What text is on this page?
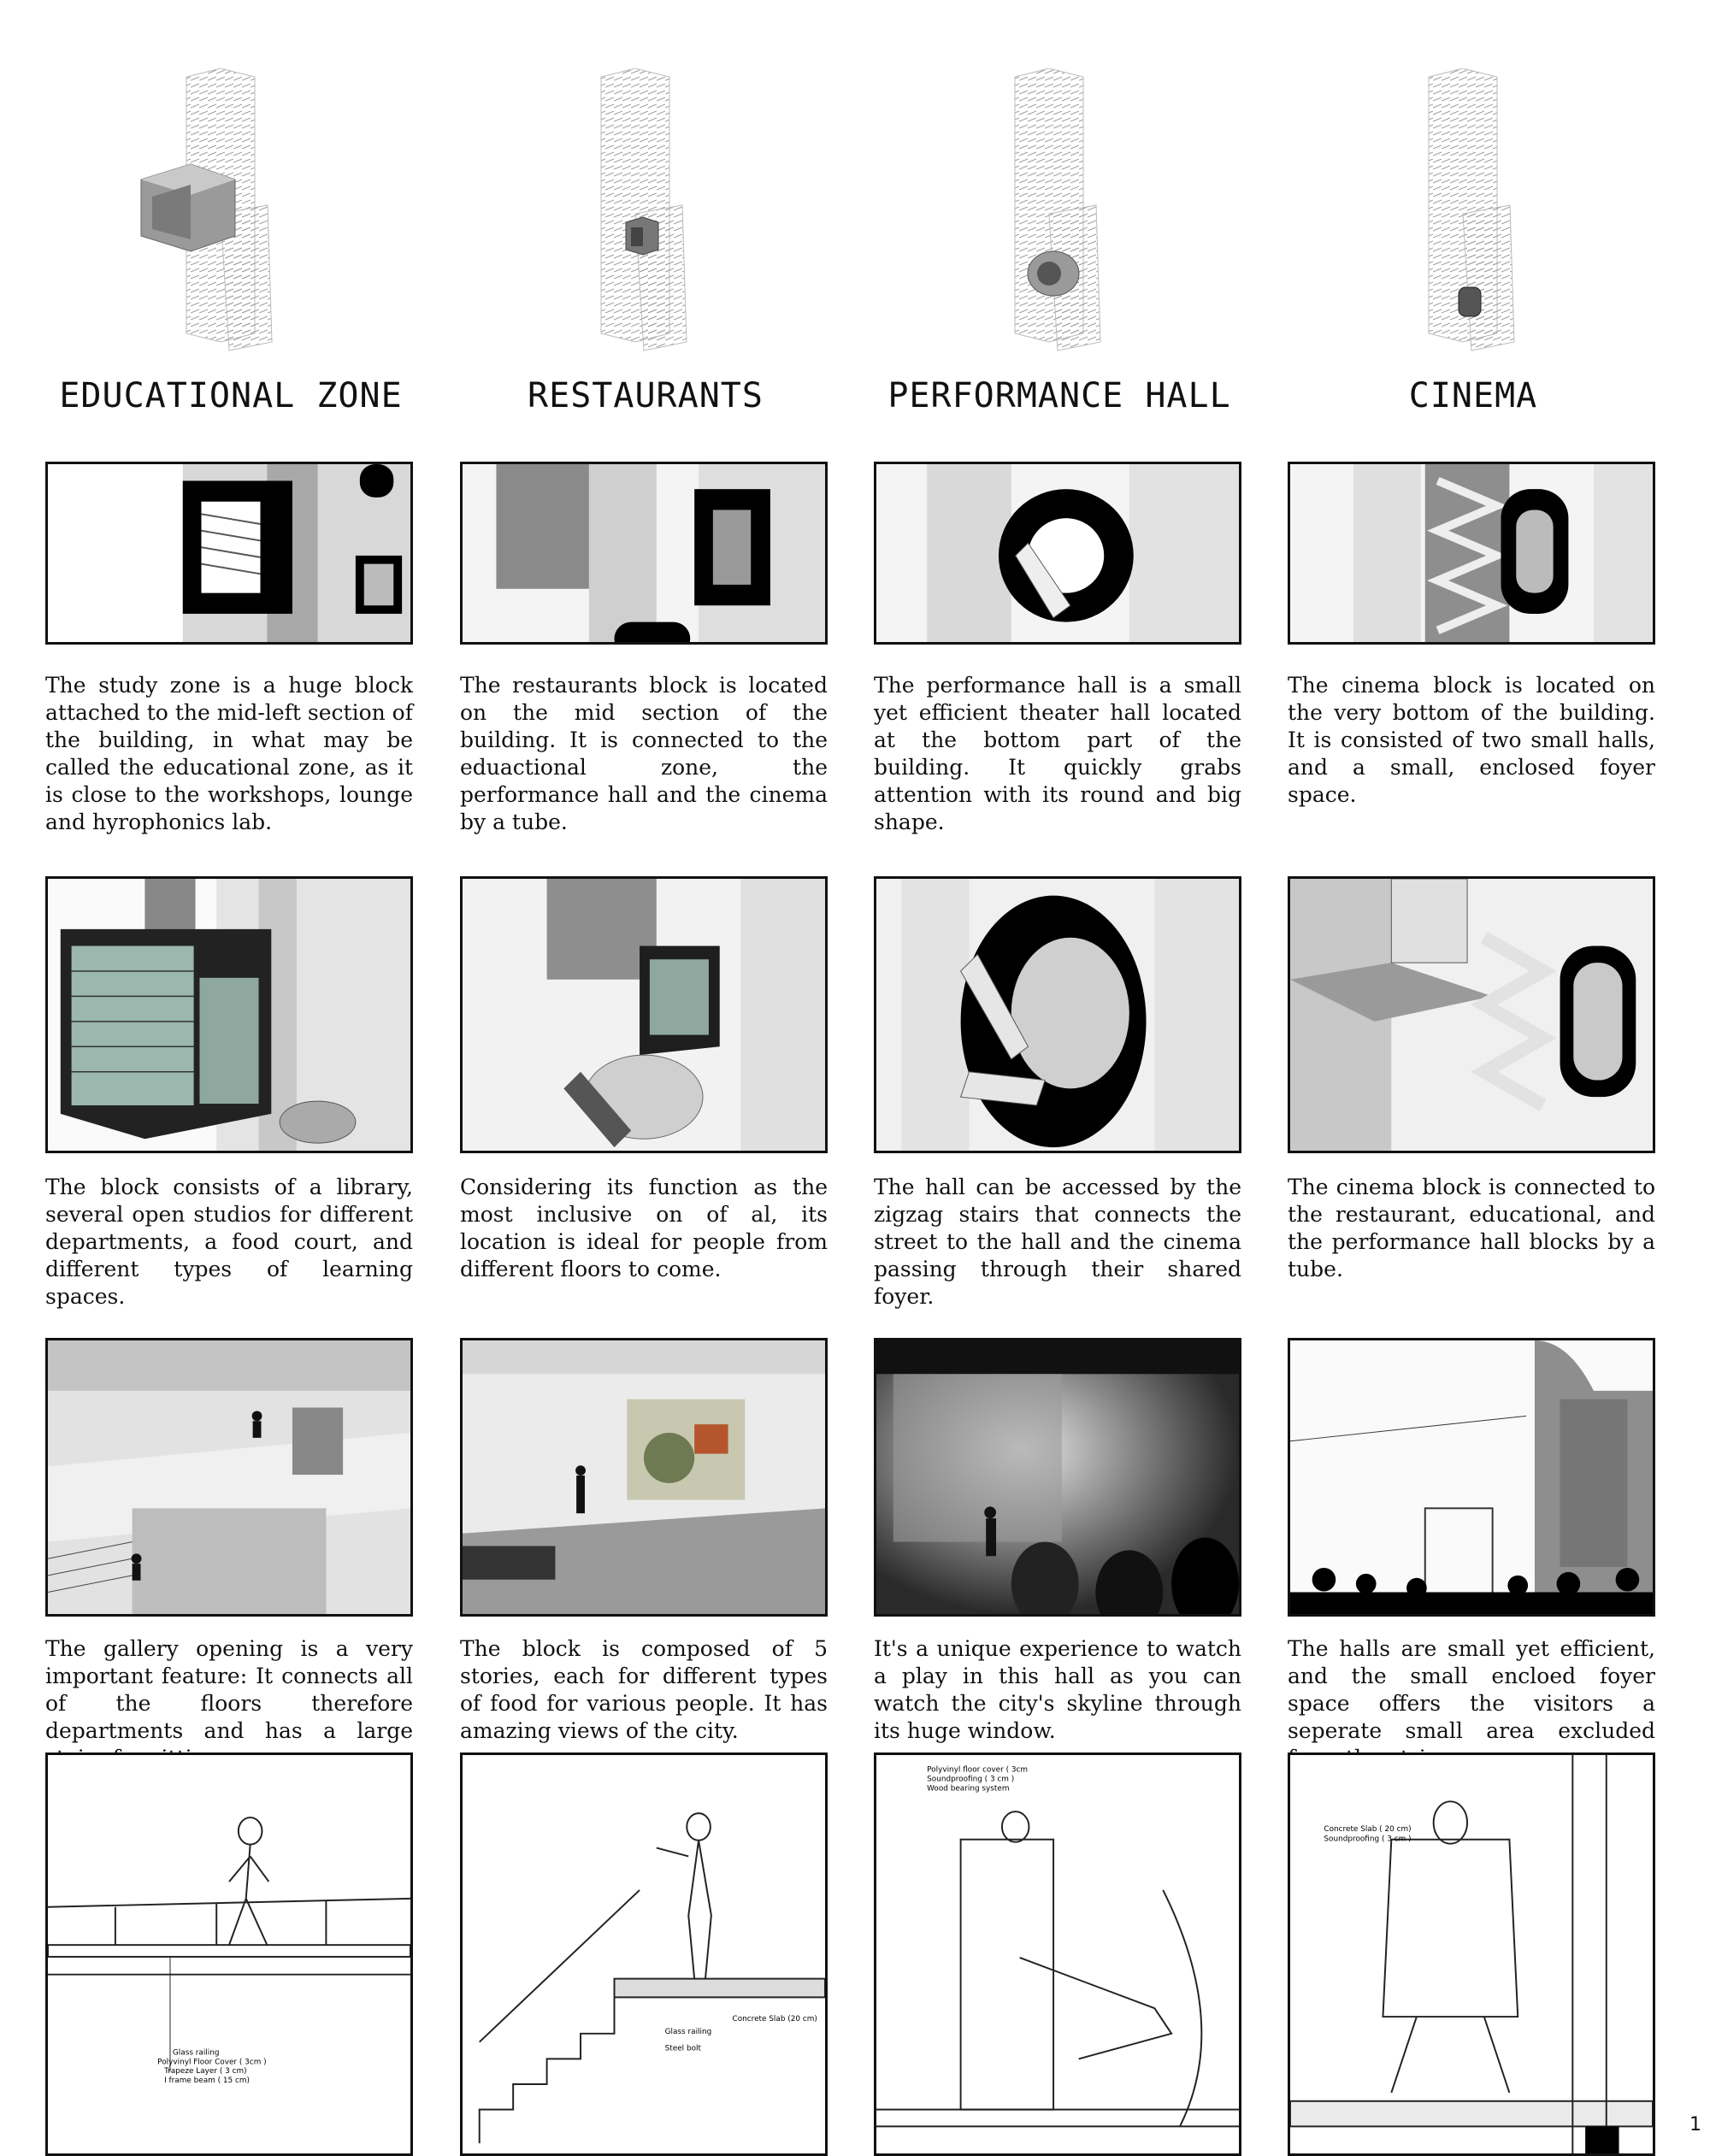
EDUCATIONAL ZONE

The study zone is a huge block attached to the mid-left section of the building, in what may be called the educational zone, as it is close to the workshops, lounge and hyrophonics lab.

The block consists of a library, several open studios for different departments, a food court, and different types of learning spaces.

The gallery opening is a very important feature: It connects all of the floors therefore departments and has a large

Glass railing
Polyvinyl Floor Cover ( 3cm )
Trapeze Layer ( 3 cm)
I frame beam ( 15 cm)
RESTAURANTS

The restaurants block is located on the mid section of the building. It is connected to the eduactional zone, the performance hall and the cinema by a tube.

Considering its function as the most inclusive on of al, its location is ideal for people from different floors to come.

The block is composed of 5 stories, each for different types of food for various people. It has amazing views of the city.

Concrete Slab (20 cm)
Glass railing
Steel bolt
PERFORMANCE HALL

The performance hall is a small yet efficient theater hall located at the bottom part of the building. It quickly grabs attention with its round and big shape.

The hall can be accessed by the zigzag stairs that connects the street to the hall and the cinema passing through their shared foyer.

It's a unique experience to watch a play in this hall as you can watch the city's skyline through its huge window.

Polyvinyl floor cover ( 3cm
Soundproofing ( 3 cm )
Wood bearing system
CINEMA

The cinema block is located on the very bottom of the building. It is consisted of two small halls, and a small, enclosed foyer space.

The cinema block is connected to the restaurant, educational, and the performance hall blocks by a tube.

The halls are small yet efficient, and the small encloed foyer space offers the visitors a seperate small area excluded

Concrete Slab ( 20 cm)
Soundproofing ( 3 cm )

1
